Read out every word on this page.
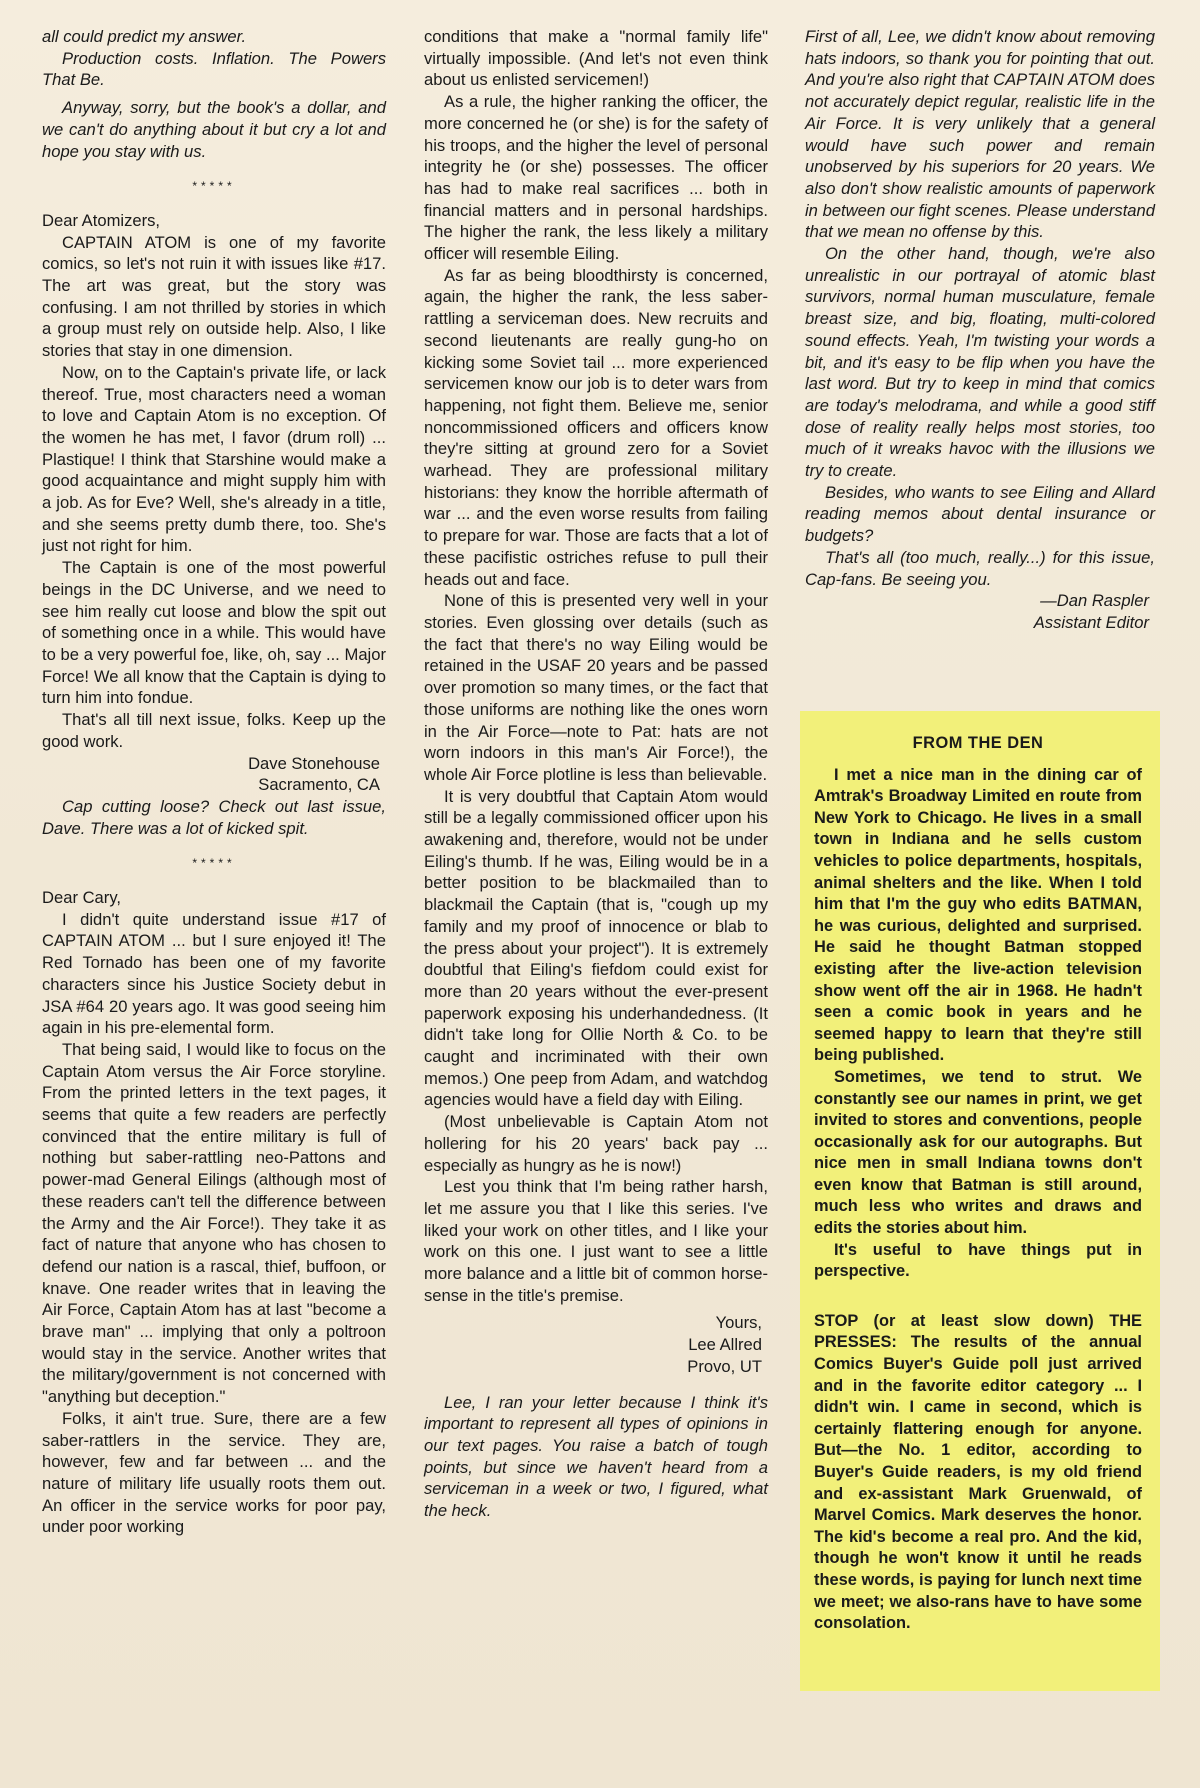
all could predict my answer.

Production costs. Inflation. The Powers That Be.

Anyway, sorry, but the book's a dollar, and we can't do anything about it but cry a lot and hope you stay with us.

*****

Dear Atomizers,

CAPTAIN ATOM is one of my favorite comics, so let's not ruin it with issues like #17. The art was great, but the story was confusing. I am not thrilled by stories in which a group must rely on outside help. Also, I like stories that stay in one dimension.

Now, on to the Captain's private life, or lack thereof. True, most characters need a woman to love and Captain Atom is no exception. Of the women he has met, I favor (drum roll) ... Plastique! I think that Starshine would make a good acquaintance and might supply him with a job. As for Eve? Well, she's already in a title, and she seems pretty dumb there, too. She's just not right for him.

The Captain is one of the most powerful beings in the DC Universe, and we need to see him really cut loose and blow the spit out of something once in a while. This would have to be a very powerful foe, like, oh, say ... Major Force! We all know that the Captain is dying to turn him into fondue.

That's all till next issue, folks. Keep up the good work.

Dave Stonehouse

Sacramento, CA

Cap cutting loose? Check out last issue, Dave. There was a lot of kicked spit.

*****

Dear Cary,

I didn't quite understand issue #17 of CAPTAIN ATOM ... but I sure enjoyed it! The Red Tornado has been one of my favorite characters since his Justice Society debut in JSA #64 20 years ago. It was good seeing him again in his pre-elemental form.

That being said, I would like to focus on the Captain Atom versus the Air Force storyline. From the printed letters in the text pages, it seems that quite a few readers are perfectly convinced that the entire military is full of nothing but saber-rattling neo-Pattons and power-mad General Eilings (although most of these readers can't tell the difference between the Army and the Air Force!). They take it as fact of nature that anyone who has chosen to defend our nation is a rascal, thief, buffoon, or knave. One reader writes that in leaving the Air Force, Captain Atom has at last "become a brave man" ... implying that only a poltroon would stay in the service. Another writes that the military/government is not concerned with "anything but deception."

Folks, it ain't true. Sure, there are a few saber-rattlers in the service. They are, however, few and far between ... and the nature of military life usually roots them out. An officer in the service works for poor pay, under poor working

conditions that make a "normal family life" virtually impossible. (And let's not even think about us enlisted servicemen!)

As a rule, the higher ranking the officer, the more concerned he (or she) is for the safety of his troops, and the higher the level of personal integrity he (or she) possesses. The officer has had to make real sacrifices ... both in financial matters and in personal hardships. The higher the rank, the less likely a military officer will resemble Eiling.

As far as being bloodthirsty is concerned, again, the higher the rank, the less saber-rattling a serviceman does. New recruits and second lieutenants are really gung-ho on kicking some Soviet tail ... more experienced servicemen know our job is to deter wars from happening, not fight them. Believe me, senior noncommissioned officers and officers know they're sitting at ground zero for a Soviet warhead. They are professional military historians: they know the horrible aftermath of war ... and the even worse results from failing to prepare for war. Those are facts that a lot of these pacifistic ostriches refuse to pull their heads out and face.

None of this is presented very well in your stories. Even glossing over details (such as the fact that there's no way Eiling would be retained in the USAF 20 years and be passed over promotion so many times, or the fact that those uniforms are nothing like the ones worn in the Air Force—note to Pat: hats are not worn indoors in this man's Air Force!), the whole Air Force plotline is less than believable.

It is very doubtful that Captain Atom would still be a legally commissioned officer upon his awakening and, therefore, would not be under Eiling's thumb. If he was, Eiling would be in a better position to be blackmailed than to blackmail the Captain (that is, "cough up my family and my proof of innocence or blab to the press about your project"). It is extremely doubtful that Eiling's fiefdom could exist for more than 20 years without the ever-present paperwork exposing his underhandedness. (It didn't take long for Ollie North & Co. to be caught and incriminated with their own memos.) One peep from Adam, and watchdog agencies would have a field day with Eiling.

(Most unbelievable is Captain Atom not hollering for his 20 years' back pay ... especially as hungry as he is now!)

Lest you think that I'm being rather harsh, let me assure you that I like this series. I've liked your work on other titles, and I like your work on this one. I just want to see a little more balance and a little bit of common horse-sense in the title's premise.

Yours,

Lee Allred

Provo, UT

Lee, I ran your letter because I think it's important to represent all types of opinions in our text pages. You raise a batch of tough points, but since we haven't heard from a serviceman in a week or two, I figured, what the heck.

First of all, Lee, we didn't know about removing hats indoors, so thank you for pointing that out. And you're also right that CAPTAIN ATOM does not accurately depict regular, realistic life in the Air Force. It is very unlikely that a general would have such power and remain unobserved by his superiors for 20 years. We also don't show realistic amounts of paperwork in between our fight scenes. Please understand that we mean no offense by this.

On the other hand, though, we're also unrealistic in our portrayal of atomic blast survivors, normal human musculature, female breast size, and big, floating, multi-colored sound effects. Yeah, I'm twisting your words a bit, and it's easy to be flip when you have the last word. But try to keep in mind that comics are today's melodrama, and while a good stiff dose of reality really helps most stories, too much of it wreaks havoc with the illusions we try to create.

Besides, who wants to see Eiling and Allard reading memos about dental insurance or budgets?

That's all (too much, really...) for this issue, Cap-fans. Be seeing you.

—Dan Raspler

Assistant Editor

FROM THE DEN

I met a nice man in the dining car of Amtrak's Broadway Limited en route from New York to Chicago. He lives in a small town in Indiana and he sells custom vehicles to police departments, hospitals, animal shelters and the like. When I told him that I'm the guy who edits BATMAN, he was curious, delighted and surprised. He said he thought Batman stopped existing after the live-action television show went off the air in 1968. He hadn't seen a comic book in years and he seemed happy to learn that they're still being published.

Sometimes, we tend to strut. We constantly see our names in print, we get invited to stores and conventions, people occasionally ask for our autographs. But nice men in small Indiana towns don't even know that Batman is still around, much less who writes and draws and edits the stories about him.

It's useful to have things put in perspective.

STOP (or at least slow down) THE PRESSES: The results of the annual Comics Buyer's Guide poll just arrived and in the favorite editor category ... I didn't win. I came in second, which is certainly flattering enough for anyone. But—the No. 1 editor, according to Buyer's Guide readers, is my old friend and ex-assistant Mark Gruenwald, of Marvel Comics. Mark deserves the honor. The kid's become a real pro. And the kid, though he won't know it until he reads these words, is paying for lunch next time we meet; we also-rans have to have some consolation.
